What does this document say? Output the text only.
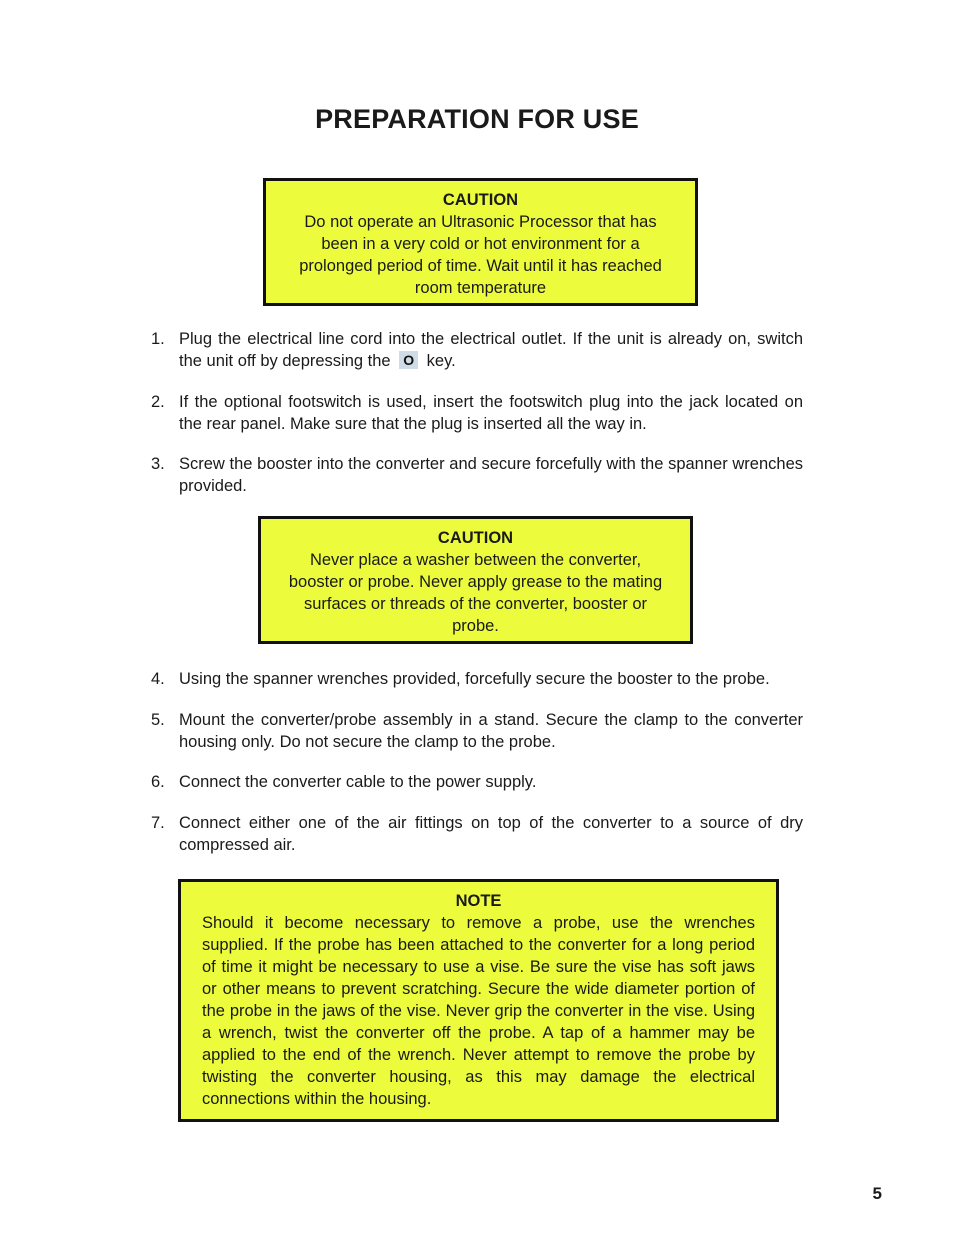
PREPARATION FOR USE
CAUTION
Do not operate an Ultrasonic Processor that has been in a very cold or hot environment for a prolonged period of time. Wait until it has reached room temperature
1. Plug the electrical line cord into the electrical outlet. If the unit is already on, switch the unit off by depressing the O key.
2. If the optional footswitch is used, insert the footswitch plug into the jack located on the rear panel. Make sure that the plug is inserted all the way in.
3. Screw the booster into the converter and secure forcefully with the spanner wrenches provided.
CAUTION
Never place a washer between the converter, booster or probe. Never apply grease to the mating surfaces or threads of the converter, booster or probe.
4. Using the spanner wrenches provided, forcefully secure the booster to the probe.
5. Mount the converter/probe assembly in a stand. Secure the clamp to the converter housing only. Do not secure the clamp to the probe.
6. Connect the converter cable to the power supply.
7. Connect either one of the air fittings on top of the converter to a source of dry compressed air.
NOTE
Should it become necessary to remove a probe, use the wrenches supplied. If the probe has been attached to the converter for a long period of time it might be necessary to use a vise. Be sure the vise has soft jaws or other means to prevent scratching. Secure the wide diameter portion of the probe in the jaws of the vise. Never grip the converter in the vise. Using a wrench, twist the converter off the probe. A tap of a hammer may be applied to the end of the wrench. Never attempt to remove the probe by twisting the converter housing, as this may damage the electrical connections within the housing.
5
